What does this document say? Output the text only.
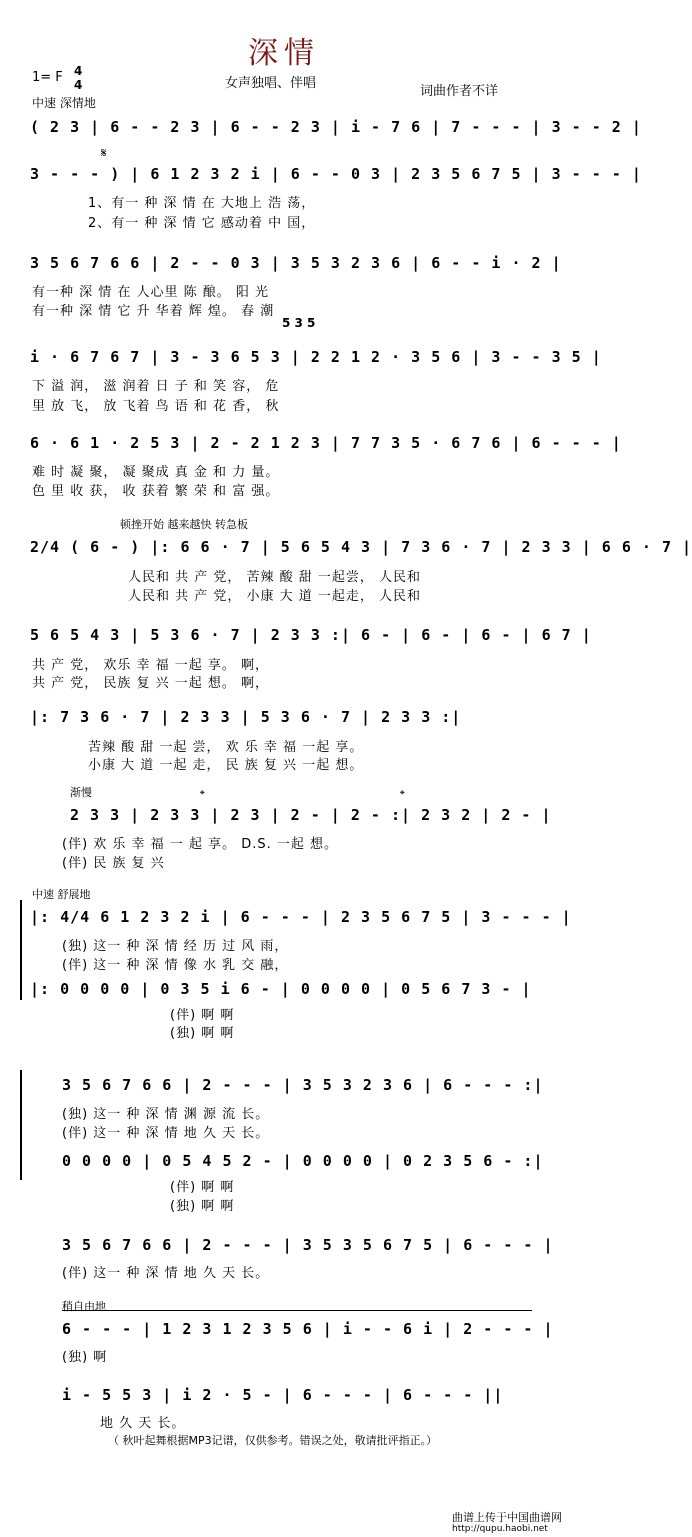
深情
1= F 4
4
中速 深情地
女声独唱、伴唱
词曲作者不详
( 2 3 | 6 - - 2 3 | 6 - - 2 3 | i - 7 6 | 7 - - - | 3 - - 2 |
𝄋
3 - - - ) | 6 1 2 3 2 i | 6 - - 0 3 | 2 3 5 6 7 5 | 3 - - - |
1、有一 种 深 情 在 大地上 浩 荡，
2、有一 种 深 情 它 感动着 中 国，
3 5 6 7 6 6 | 2 - - 0 3 | 3 5 3 2 3 6 | 6 - - i · 2 |
有一种 深 情 在 人心里 陈 酿。 阳 光
有一种 深 情 它 升 华着 辉 煌。 春 潮
5 3 5
i · 6 7 6 7 | 3 - 3 6 5 3 | 2 2 1 2 · 3 5 6 | 3 - - 3 5 |
下 溢 润， 滋 润着 日 子 和 笑 容， 危
里 放 飞， 放 飞着 鸟 语 和 花 香， 秋
6 · 6 1 · 2 5 3 | 2 - 2 1 2 3 | 7 7 3 5 · 6 7 6 | 6 - - - |
难 时 凝 聚， 凝 聚成 真 金 和 力 量。
色 里 收 获， 收 获着 繁 荣 和 富 强。
顿挫开始 越来越快 转急板
2/4 ( 6 - ) |: 6 6 · 7 | 5 6 5 4 3 | 7 3 6 · 7 | 2 3 3 | 6 6 · 7 |
人民和 共 产 党， 苦辣 酸 甜 一起尝， 人民和
人民和 共 产 党， 小康 大 道 一起走， 人民和
5 6 5 4 3 | 5 3 6 · 7 | 2 3 3 :| 6 - | 6 - | 6 - | 6 7 |
共 产 党， 欢乐 幸 福 一起 享。 啊，
共 产 党， 民族 复 兴 一起 想。 啊，
|: 7 3 6 · 7 | 2 3 3 | 5 3 6 · 7 | 2 3 3 :|
苦辣 酸 甜 一起 尝， 欢 乐 幸 福 一起 享。
小康 大 道 一起 走， 民 族 复 兴 一起 想。
渐慢	𝄌	𝄌
2 3 3 | 2 3 3 | 2 3 | 2 - | 2 - :| 2 3 2 | 2 - |
(伴) 欢 乐 幸 福 一 起 享。 D.S. 一起 想。
(伴) 民 族 复 兴
中速 舒展地
|: 4/4 6 1 2 3 2 i | 6 - - - | 2 3 5 6 7 5 | 3 - - - |
(独) 这一 种 深 情 经 历 过 风 雨，
(伴) 这一 种 深 情 像 水 乳 交 融，
|: 0 0 0 0 | 0 3 5 i 6 - | 0 0 0 0 | 0 5 6 7 3 - |
(伴) 啊 啊
(独) 啊 啊
3 5 6 7 6 6 | 2 - - - | 3 5 3 2 3 6 | 6 - - - :|
(独) 这一 种 深 情 渊 源 流 长。
(伴) 这一 种 深 情 地 久 天 长。
0 0 0 0 | 0 5 4 5 2 - | 0 0 0 0 | 0 2 3 5 6 - :|
(伴) 啊 啊
(独) 啊 啊
3 5 6 7 6 6 | 2 - - - | 3 5 3 5 6 7 5 | 6 - - - |
(伴) 这一 种 深 情 地 久 天 长。
稍自由地
6 - - - | 1 2 3 1 2 3 5 6 | i - - 6 i | 2 - - - |
(独) 啊
i - 5 5 3 | i 2 · 5 - | 6 - - - | 6 - - - ||
地 久 天 长。
（ 秋叶起舞根据MP3记谱，仅供参考。错误之处，敬请批评指正。）
曲谱上传于中国曲谱网
http://qupu.haobi.net
